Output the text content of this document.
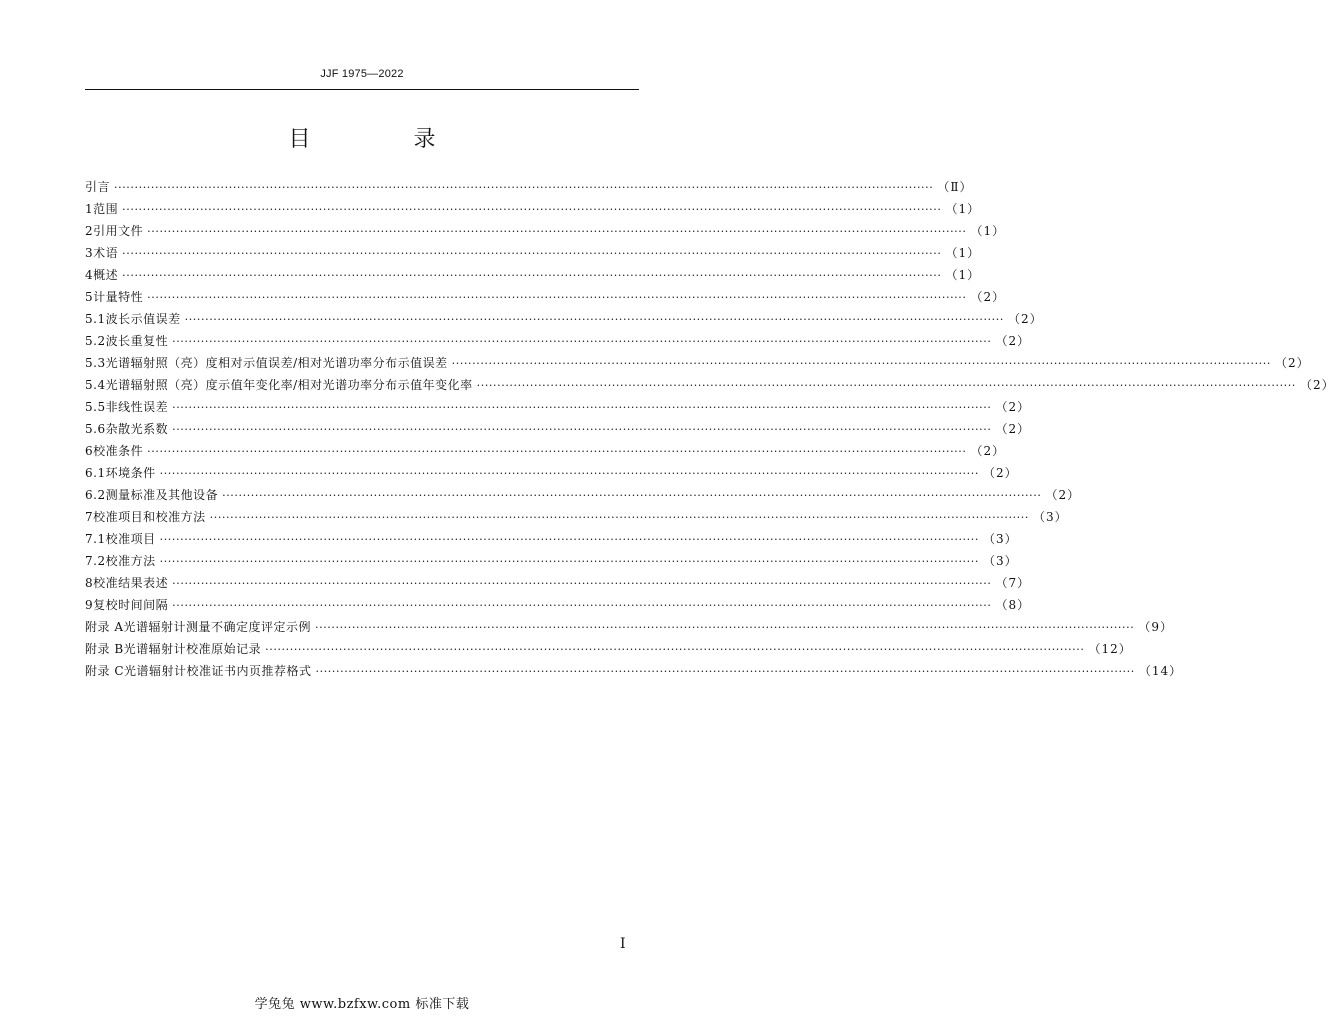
JJF 1975—2022
目 录
引言 ········································································································································································································ （Ⅱ）
1 范围 ········································································································································································································ （1）
2 引用文件 ········································································································································································································ （1）
3 术语 ········································································································································································································ （1）
4 概述 ········································································································································································································ （1）
5 计量特性 ········································································································································································································ （2）
5.1 波长示值误差 ········································································································································································································ （2）
5.2 波长重复性 ········································································································································································································ （2）
5.3 光谱辐射照（亮）度相对示值误差/相对光谱功率分布示值误差 ········································································································································································································ （2）
5.4 光谱辐射照（亮）度示值年变化率/相对光谱功率分布示值年变化率 ········································································································································································································ （2）
5.5 非线性误差 ········································································································································································································ （2）
5.6 杂散光系数 ········································································································································································································ （2）
6 校准条件 ········································································································································································································ （2）
6.1 环境条件 ········································································································································································································ （2）
6.2 测量标准及其他设备 ········································································································································································································ （2）
7 校准项目和校准方法 ········································································································································································································ （3）
7.1 校准项目 ········································································································································································································ （3）
7.2 校准方法 ········································································································································································································ （3）
8 校准结果表述 ········································································································································································································ （7）
9 复校时间间隔 ········································································································································································································ （8）
附录 A 光谱辐射计测量不确定度评定示例 ········································································································································································································ （9）
附录 B 光谱辐射计校准原始记录 ········································································································································································································ （12）
附录 C 光谱辐射计校准证书内页推荐格式 ········································································································································································································ （14）
I
学兔兔 www.bzfxw.com 标准下载
